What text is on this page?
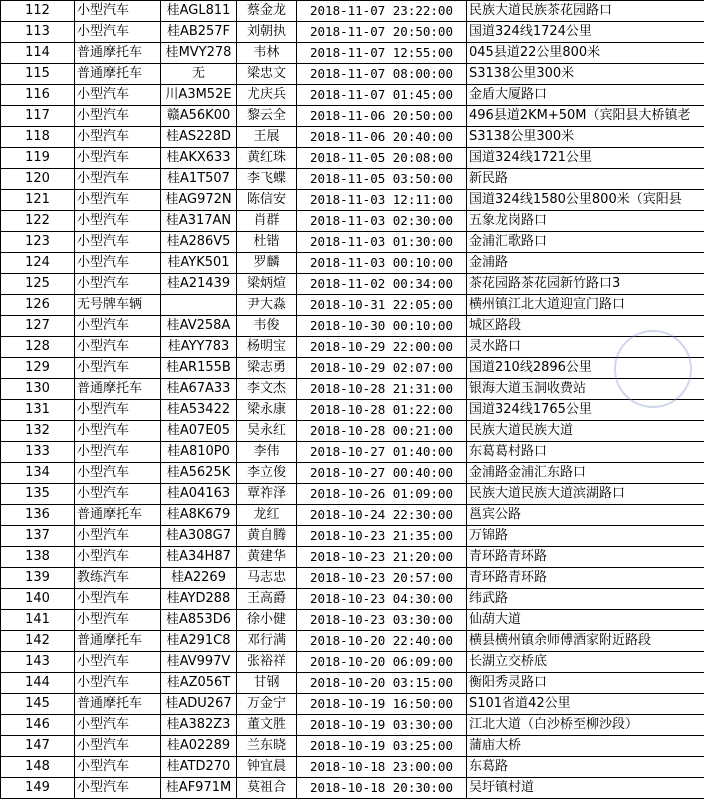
112	小型汽车	桂AGL811	蔡金龙	2018-11-07 23:22:00	民族大道民族茶花园路口
113	小型汽车	桂AB257F	刘朝执	2018-11-07 20:50:00	国道324线1724公里
114	普通摩托车	桂MVY278	韦林	2018-11-07 12:55:00	045县道22公里800米
115	普通摩托车	无	梁忠文	2018-11-07 08:00:00	S3138公里300米
116	小型汽车	川A3M52E	尤庆兵	2018-11-07 01:45:00	金盾大厦路口
117	小型汽车	赣A56K00	黎云全	2018-11-06 20:50:00	496县道2KM+50M（宾阳县大桥镇老
118	小型汽车	桂AS228D	王展	2018-11-06 20:40:00	S3138公里300米
119	小型汽车	桂AKX633	黄红珠	2018-11-05 20:08:00	国道324线1721公里
120	小型汽车	桂A1T507	李飞蝶	2018-11-05 03:50:00	新民路
121	小型汽车	桂AG972N	陈信安	2018-11-03 12:11:00	国道324线1580公里800米（宾阳县
122	小型汽车	桂A317AN	肖群	2018-11-03 02:30:00	五象龙岗路口
123	小型汽车	桂A286V5	杜锴	2018-11-03 01:30:00	金浦汇歌路口
124	小型汽车	桂AYK501	罗麟	2018-11-03 00:10:00	金浦路
125	小型汽车	桂A21439	梁炳煊	2018-11-02 00:34:00	茶花园路茶花园新竹路口3
126	无号牌车辆		尹大淼	2018-10-31 22:05:00	横州镇江北大道迎宣门路口
127	小型汽车	桂AV258A	韦俊	2018-10-30 00:10:00	城区路段
128	小型汽车	桂AYY783	杨明宝	2018-10-29 22:00:00	灵水路口
129	小型汽车	桂AR155B	梁志勇	2018-10-29 02:07:00	国道210线2896公里
130	普通摩托车	桂A67A33	李文杰	2018-10-28 21:31:00	银海大道玉洞收费站
131	小型汽车	桂A53422	梁永康	2018-10-28 01:22:00	国道324线1765公里
132	小型汽车	桂A07E05	吴永红	2018-10-28 00:21:00	民族大道民族大道
133	小型汽车	桂A810P0	李伟	2018-10-27 01:40:00	东葛葛村路口
134	小型汽车	桂A5625K	李立俊	2018-10-27 00:40:00	金浦路金浦汇东路口
135	小型汽车	桂A04163	覃祚泽	2018-10-26 01:09:00	民族大道民族大道滨湖路口
136	普通摩托车	桂A8K679	龙红	2018-10-24 22:30:00	邕宾公路
137	小型汽车	桂A308G7	黄自腾	2018-10-23 21:35:00	万锦路
138	小型汽车	桂A34H87	黄建华	2018-10-23 21:20:00	青环路青环路
139	教练汽车	桂A2269	马志忠	2018-10-23 20:57:00	青环路青环路
140	小型汽车	桂AYD288	王高爵	2018-10-23 04:30:00	纬武路
141	小型汽车	桂A853D6	徐小健	2018-10-23 03:30:00	仙葫大道
142	普通摩托车	桂A291C8	邓行满	2018-10-20 22:40:00	横县横州镇余师傅酒家附近路段
143	小型汽车	桂AV997V	张裕祥	2018-10-20 06:09:00	长湖立交桥底
144	小型汽车	桂AZ056T	甘钢	2018-10-20 03:15:00	衡阳秀灵路口
145	普通摩托车	桂ADU267	万金宁	2018-10-19 16:50:00	S101省道42公里
146	小型汽车	桂A382Z3	董文胜	2018-10-19 03:30:00	江北大道（白沙桥至柳沙段）
147	小型汽车	桂A02289	兰东晓	2018-10-19 03:25:00	蒲庙大桥
148	小型汽车	桂ATD270	钟宜晨	2018-10-18 23:00:00	东葛路
149	小型汽车	桂AF971M	莫祖合	2018-10-18 20:30:00	吴圩镇村道
